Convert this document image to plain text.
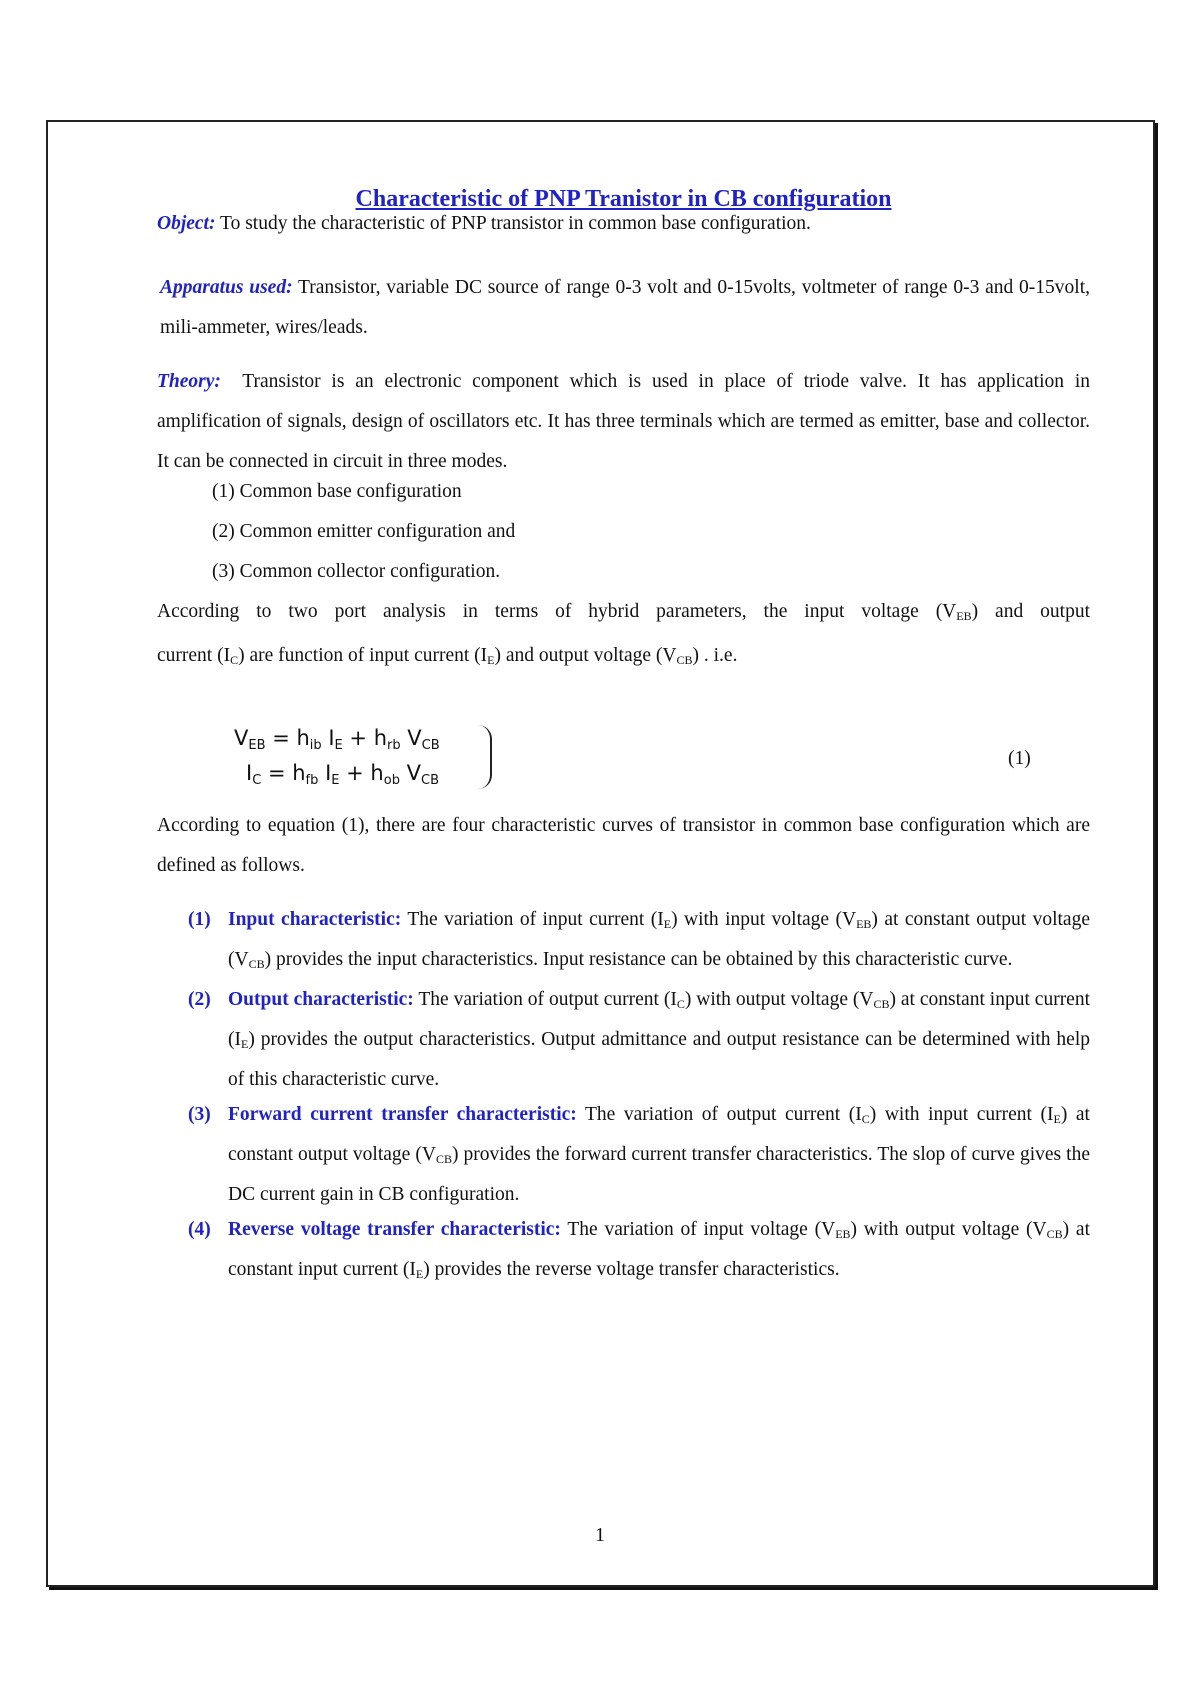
Characteristic of PNP Tranistor in CB configuration
Object: To study the characteristic of PNP transistor in common base configuration.
Apparatus used: Transistor, variable DC source of range 0-3 volt and 0-15volts, voltmeter of range 0-3 and 0-15volt, mili-ammeter, wires/leads.
Theory: Transistor is an electronic component which is used in place of triode valve. It has application in amplification of signals, design of oscillators etc. It has three terminals which are termed as emitter, base and collector. It can be connected in circuit in three modes.
(1) Common base configuration
(2) Common emitter configuration and
(3) Common collector configuration.
According to two port analysis in terms of hybrid parameters, the input voltage $(V_{EB})$ and output
current $(I_C)$ are function of input current $(I_E)$ and output voltage $(V_{CB})$ . i.e.
VEB = hib IE + hrb VCB
IC = hfb IE + hob VCB
(1)
According to equation (1), there are four characteristic curves of transistor in common base configuration which are defined as follows.
(1) Input characteristic: The variation of input current $(I_E)$ with input voltage $(V_{EB})$ at constant output voltage $(V_{CB})$ provides the input characteristics. Input resistance can be obtained by this characteristic curve.
(2) Output characteristic: The variation of output current $(I_C)$ with output voltage $(V_{CB})$ at constant input current $(I_E)$ provides the output characteristics. Output admittance and output resistance can be determined with help of this characteristic curve.
(3) Forward current transfer characteristic: The variation of output current $(I_C)$ with input current $(I_E)$ at constant output voltage $(V_{CB})$ provides the forward current transfer characteristics. The slop of curve gives the DC current gain in CB configuration.
(4) Reverse voltage transfer characteristic: The variation of input voltage $(V_{EB})$ with output voltage $(V_{CB})$ at constant input current $(I_E)$ provides the reverse voltage transfer characteristics.
1
